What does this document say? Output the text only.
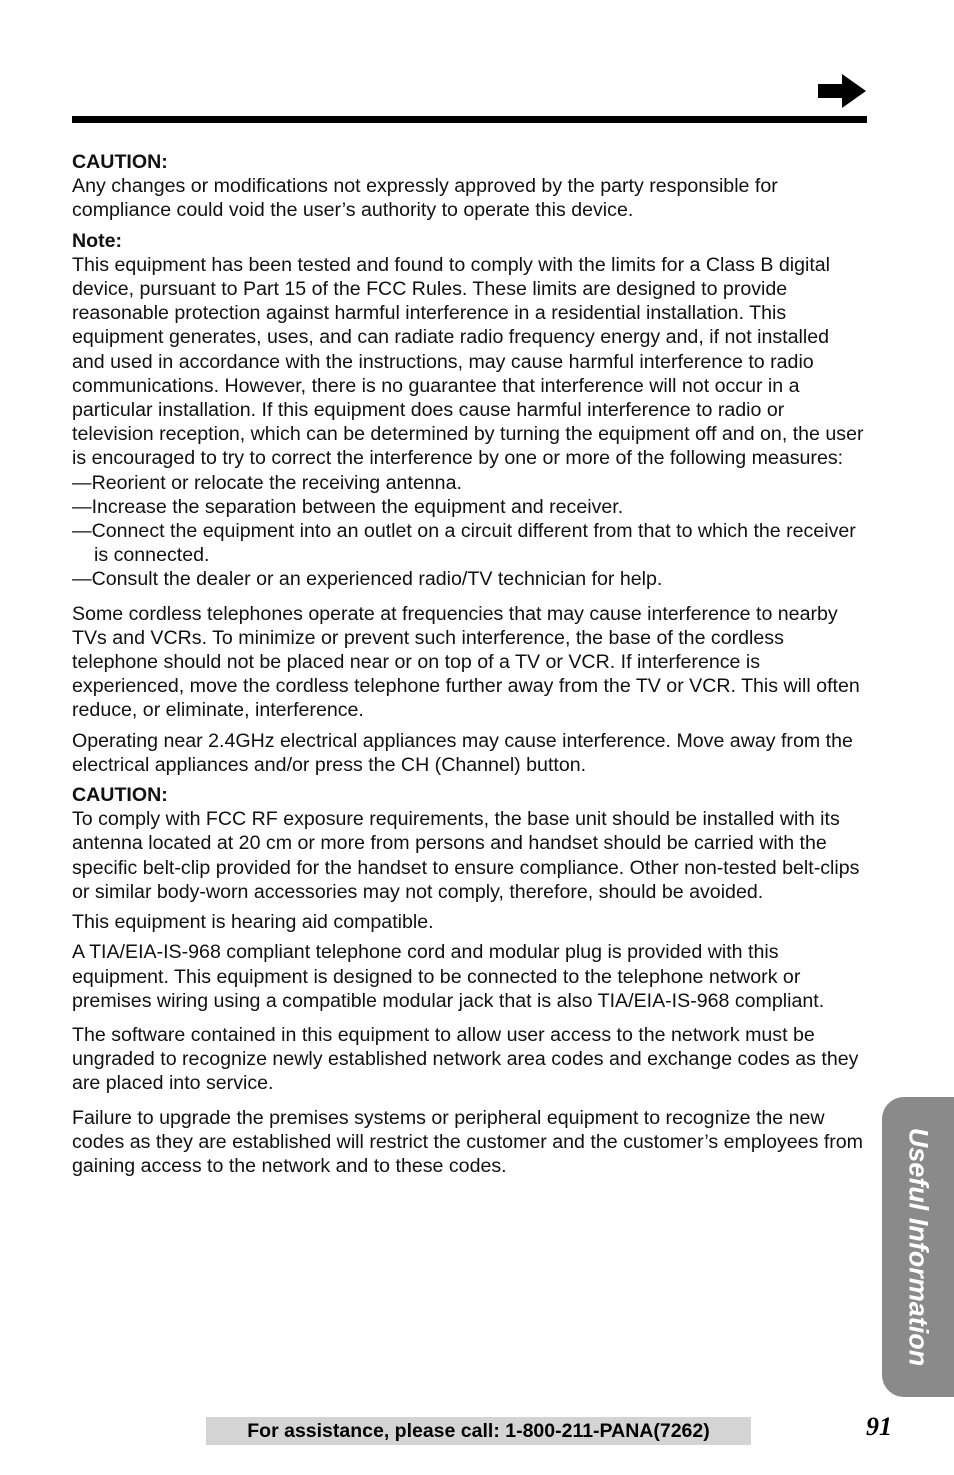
CAUTION:

Any changes or modifications not expressly approved by the party responsible for compliance could void the user’s authority to operate this device.

Note:

This equipment has been tested and found to comply with the limits for a Class B digital device, pursuant to Part 15 of the FCC Rules. These limits are designed to provide reasonable protection against harmful interference in a residential installation. This equipment generates, uses, and can radiate radio frequency energy and, if not installed and used in accordance with the instructions, may cause harmful interference to radio communications. However, there is no guarantee that interference will not occur in a particular installation. If this equipment does cause harmful interference to radio or television reception, which can be determined by turning the equipment off and on, the user is encouraged to try to correct the interference by one or more of the following measures:

—Reorient or relocate the receiving antenna.

—Increase the separation between the equipment and receiver.

—Connect the equipment into an outlet on a circuit different from that to which the receiver is connected.

—Consult the dealer or an experienced radio/TV technician for help.

Some cordless telephones operate at frequencies that may cause interference to nearby TVs and VCRs. To minimize or prevent such interference, the base of the cordless telephone should not be placed near or on top of a TV or VCR. If interference is experienced, move the cordless telephone further away from the TV or VCR. This will often reduce, or eliminate, interference.

Operating near 2.4GHz electrical appliances may cause interference. Move away from the electrical appliances and/or press the CH (Channel) button.

CAUTION:

To comply with FCC RF exposure requirements, the base unit should be installed with its antenna located at 20 cm or more from persons and handset should be carried with the specific belt-clip provided for the handset to ensure compliance. Other non-tested belt-clips or similar body-worn accessories may not comply, therefore, should be avoided.

This equipment is hearing aid compatible.

A TIA/EIA-IS-968 compliant telephone cord and modular plug is provided with this equipment. This equipment is designed to be connected to the telephone network or premises wiring using a compatible modular jack that is also TIA/EIA-IS-968 compliant.

The software contained in this equipment to allow user access to the network must be ungraded to recognize newly established network area codes and exchange codes as they are placed into service.

Failure to upgrade the premises systems or peripheral equipment to recognize the new codes as they are established will restrict the customer and the customer’s employees from gaining access to the network and to these codes.	Useful Information
For assistance, please call: 1-800-211-PANA(7262)	91
